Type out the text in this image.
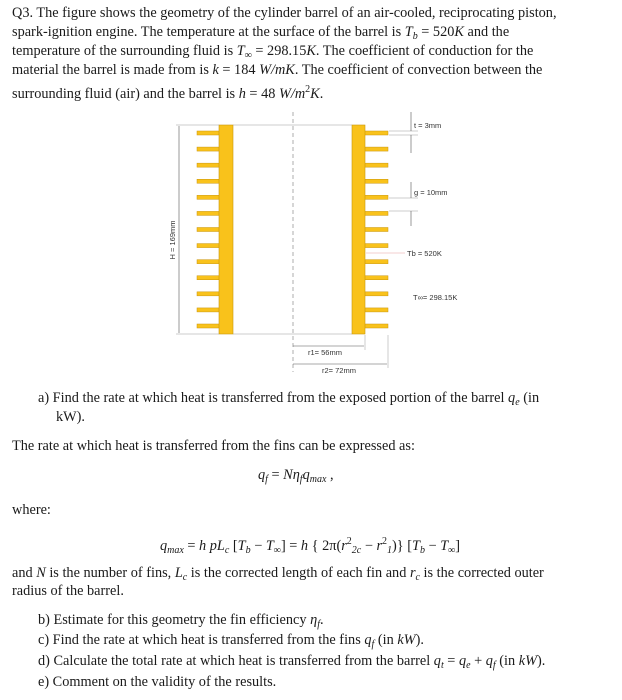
Q3. The figure shows the geometry of the cylinder barrel of an air-cooled, reciprocating piston,
spark-ignition engine. The temperature at the surface of the barrel is $T_b = 520K$ and the
temperature of the surrounding fluid is $T_\infty = 298.15K$. The coefficient of conduction for the
material the barrel is made from is k = 184 W/mK. The coefficient of convection between the
surrounding fluid (air) and the barrel is h = 48 $W/m^2K$.
H = 169mm
t = 3mm
g = 10mm
Tb = 520K
T∞= 298.15K
r1= 56mm
r2= 72mm
a) Find the rate at which heat is transferred from the exposed portion of the barrel $q_e$ (in
kW).
The rate at which heat is transferred from the fins can be expressed as:
$q_f = N\eta_fq_{max}$ ,
where:
$q_{max} = h$ $pL_c$ $[T_b - T_\infty] = h$ { $2\pi(r^2_{2c} - r^2_1)$} $[T_b - T_\infty]$
and N is the number of fins, $L_c$ is the corrected length of each fin and $r_c$ is the corrected outer
radius of the barrel.
b) Estimate for this geometry the fin efficiency $\eta_f$.
c) Find the rate at which heat is transferred from the fins $q_f$ (in kW).
d) Calculate the total rate at which heat is transferred from the barrel $q_t = q_e + q_f$ (in kW).
e) Comment on the validity of the results.
